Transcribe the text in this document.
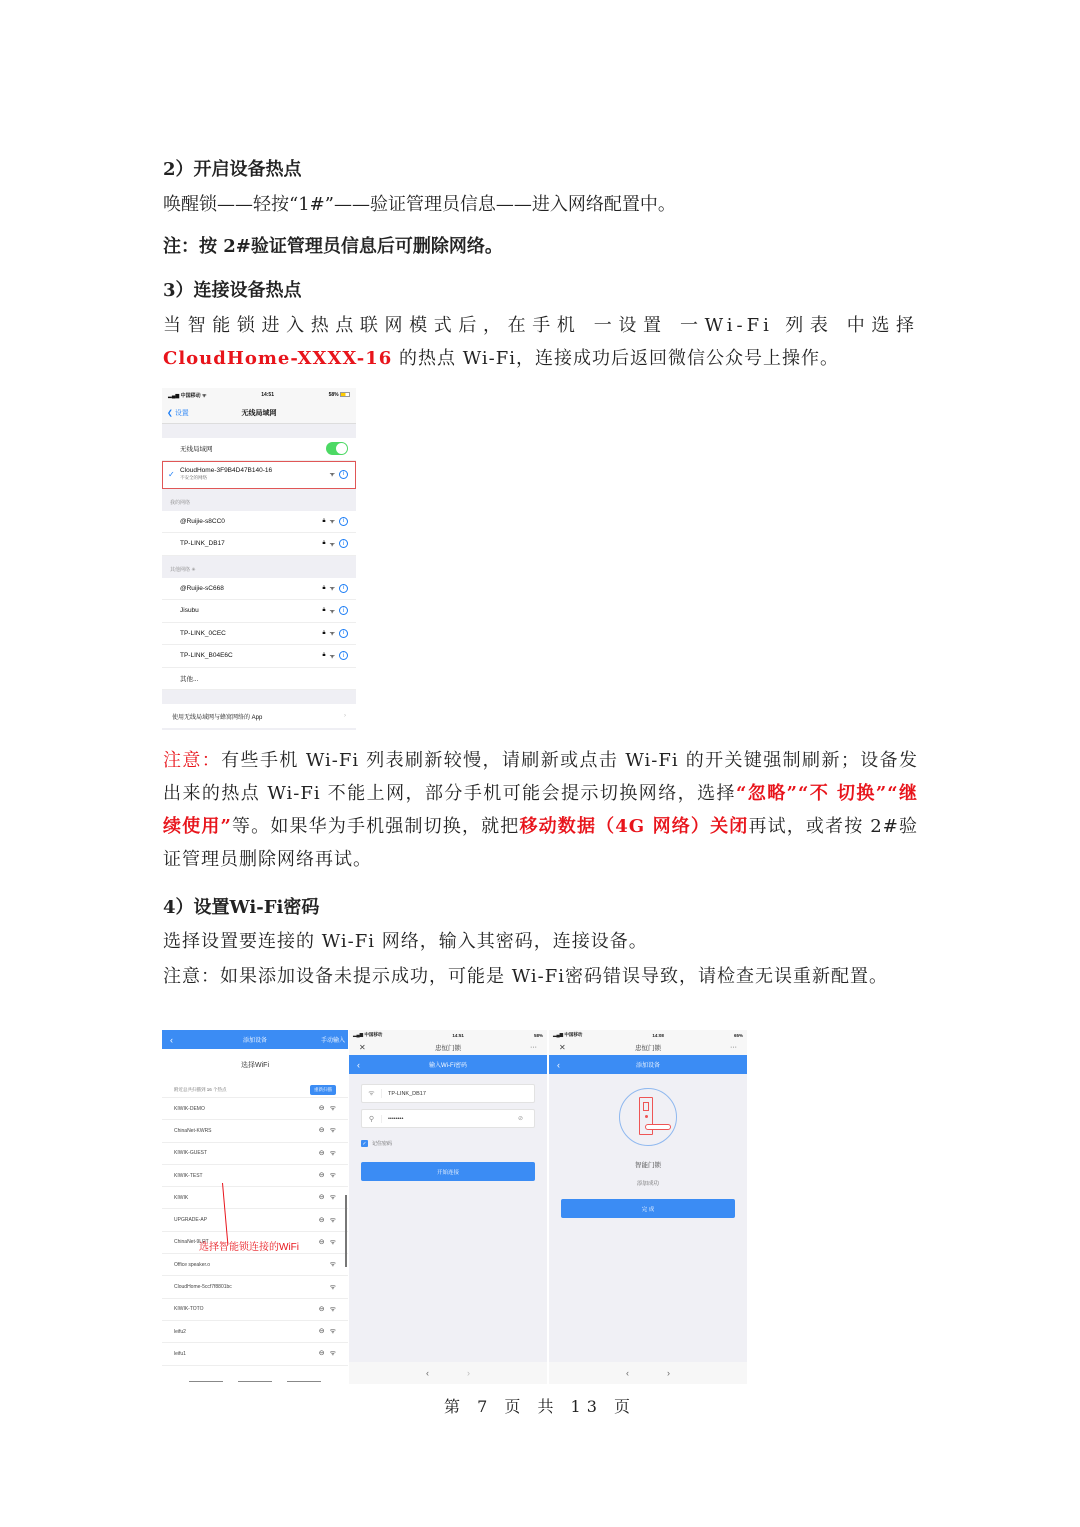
2）开启设备热点
唤醒锁——轻按“1#”——验证管理员信息——进入网络配置中。
注：按 2#验证管理员信息后可删除网络。
3）连接设备热点
当智能锁进入热点联网模式后，在手机 一设置 一Wi-Fi 列表 中选择
CloudHome-XXXX-16 的热点 Wi-Fi，连接成功后返回微信公众号上操作。
▂▄▆ 中国移动 ᯤ	14:51	58%
❮ 设置	无线局域网
无线局域网
✓ CloudHome-3F9B4D47B140-16
不安全的网络	ᯤ	i
我的网络
@Ruijie-s8CC0	🔒︎ ᯤ	i
TP-LINK_DB17	🔒︎ ᯤ	i
其他网络 ✳
@Ruijie-sC668	🔒︎ ᯤ	i
Jisubu	🔒︎ ᯤ	i
TP-LINK_0CEC	🔒︎ ᯤ	i
TP-LINK_B04E6C	🔒︎ ᯤ	i
其他...
使用无线局域网与蜂窝网络的 App	›
注意：有些手机 Wi-Fi 列表刷新较慢，请刷新或点击 Wi-Fi 的开关键强制刷新；设备发出来的热点 Wi-Fi 不能上网，部分手机可能会提示切换网络，选择“忽略”“不 切换”“继续使用”等。如果华为手机强制切换，就把移动数据（4G 网络）关闭再试，或者按 2#验证管理员删除网络再试。
4）设置Wi-Fi密码
选择设置要连接的 Wi-Fi 网络，输入其密码，连接设备。
注意：如果添加设备未提示成功，可能是 Wi-Fi密码错误导致，请检查无误重新配置。
‹	添加设备	手动输入
选择WiFi
附近总共扫描到 16 个热点	重新扫描
KIWIK-DEMO	⊖ ᯤ
ChinaNet-KWRS	⊖ ᯤ
KIWIK-GUEST	⊖ ᯤ
KIWIK-TEST	⊖ ᯤ
KIWIK	⊖ ᯤ
UPGRADE-AP	⊖ ᯤ
ChinaNet-9LRT	⊖ ᯤ
Office speaker.o	ᯤ
CloudHome-5ccf7f8801bc	ᯤ
KIWIK-TOTO	⊖ ᯤ
leifu2	⊖ ᯤ
leifu1	⊖ ᯤ
选择智能锁连接的WiFi
▂▄▆ 中国移动	14:51	58%
✕	忠恒门锁	···
‹	输入Wi-Fi密码
ᯤ	TP-LINK_DB17
⚲	••••••••	⊘
✓ 记住密码
开始连接
‹	›
▂▄▆ 中国移动	14:08	65%
✕	忠恒门锁	···
‹	添加设备
智能门锁
添加成功
完 成
‹	›
第 7 页 共 13 页
